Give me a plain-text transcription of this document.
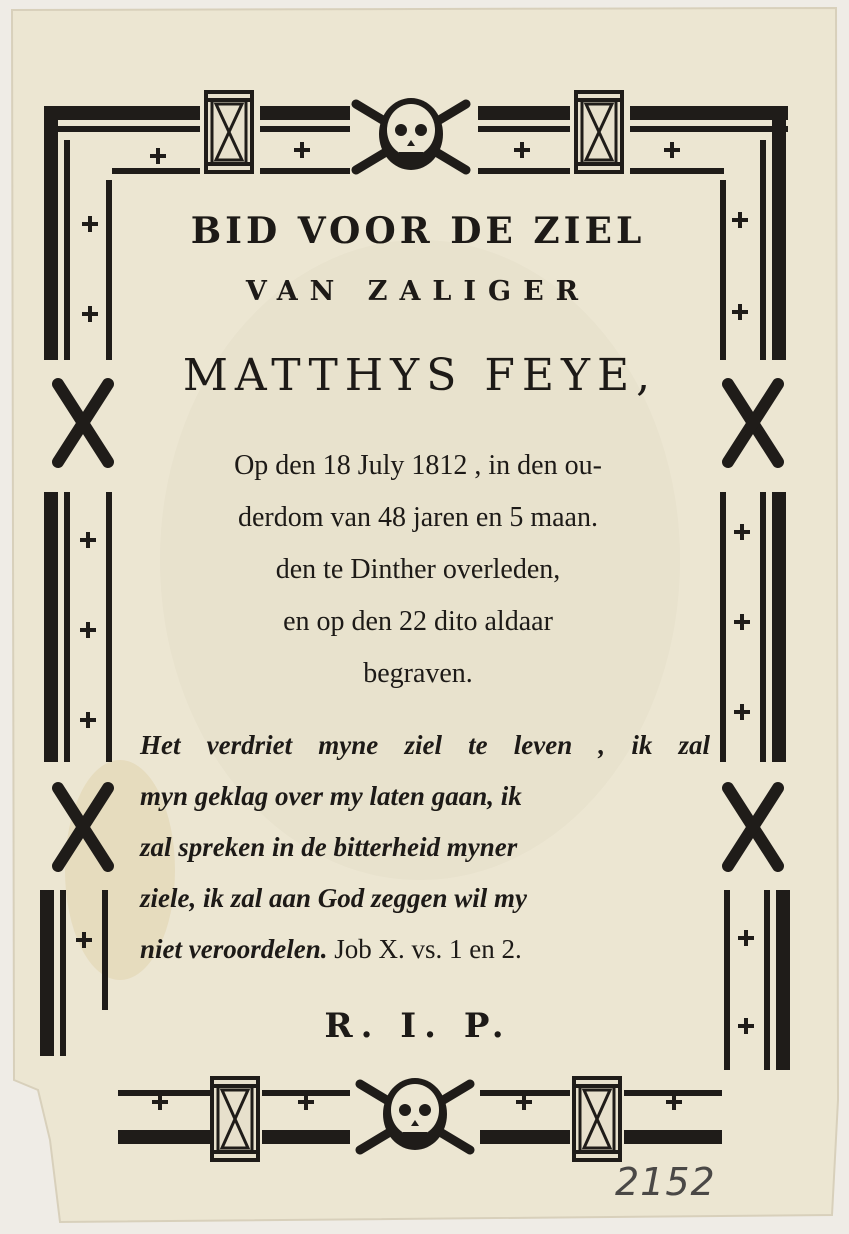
BID VOOR DE ZIEL
VAN ZALIGER
MATTHYS FEYE,
Op den 18 July 1812 , in den ou-
derdom van 48 jaren en 5 maan.
den te Dinther overleden,
en op den 22 dito aldaar
begraven.
Het verdriet myne ziel te leven , ik zal
myn geklag over my laten gaan, ik
zal spreken in de bitterheid myner
ziele, ik zal aan God zeggen wil my
niet veroordelen. Job X. vs. 1 en 2.
R. I. P.
2152
